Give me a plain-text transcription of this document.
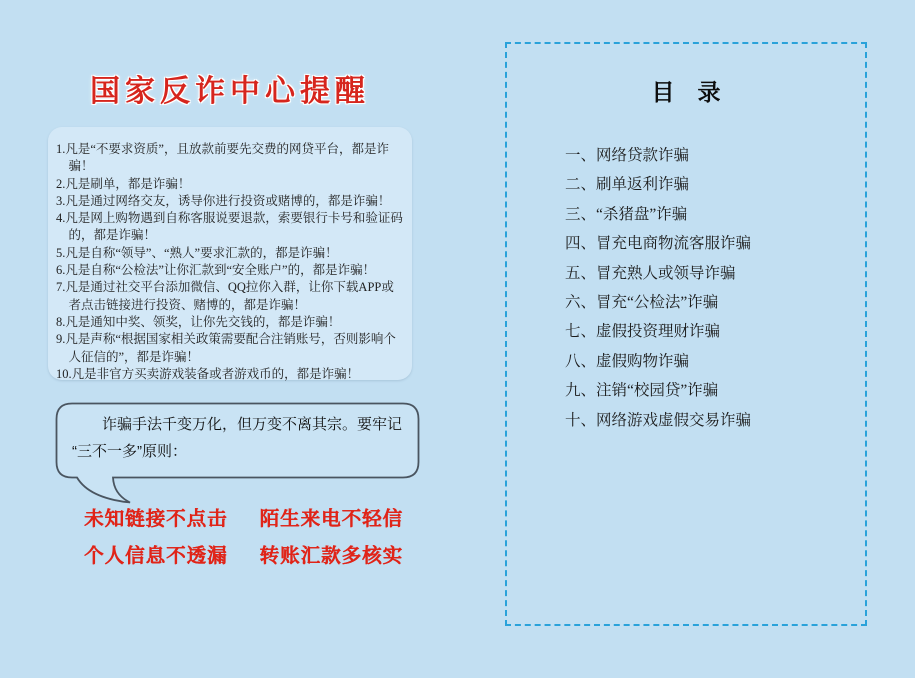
国家反诈中心提醒
1.凡是“不要求资质”，且放款前要先交费的网贷平台，都是诈骗！
2.凡是刷单，都是诈骗！
3.凡是通过网络交友，诱导你进行投资或赌博的，都是诈骗！
4.凡是网上购物遇到自称客服说要退款，索要银行卡号和验证码的，都是诈骗！
5.凡是自称“领导”、“熟人”要求汇款的，都是诈骗！
6.凡是自称“公检法”让你汇款到“安全账户”的，都是诈骗！
7.凡是通过社交平台添加微信、QQ拉你入群，让你下载APP或者点击链接进行投资、赌博的，都是诈骗！
8.凡是通知中奖、领奖，让你先交钱的，都是诈骗！
9.凡是声称“根据国家相关政策需要配合注销账号，否则影响个人征信的”，都是诈骗！
10.凡是非官方买卖游戏装备或者游戏币的，都是诈骗！
诈骗手法千变万化，但万变不离其宗。要牢记
“三不一多”原则：
未知链接不点击 陌生来电不轻信
个人信息不透漏 转账汇款多核实
目　录
一、网络贷款诈骗
二、刷单返利诈骗
三、“杀猪盘”诈骗
四、冒充电商物流客服诈骗
五、冒充熟人或领导诈骗
六、冒充“公检法”诈骗
七、虚假投资理财诈骗
八、虚假购物诈骗
九、注销“校园贷”诈骗
十、网络游戏虚假交易诈骗
